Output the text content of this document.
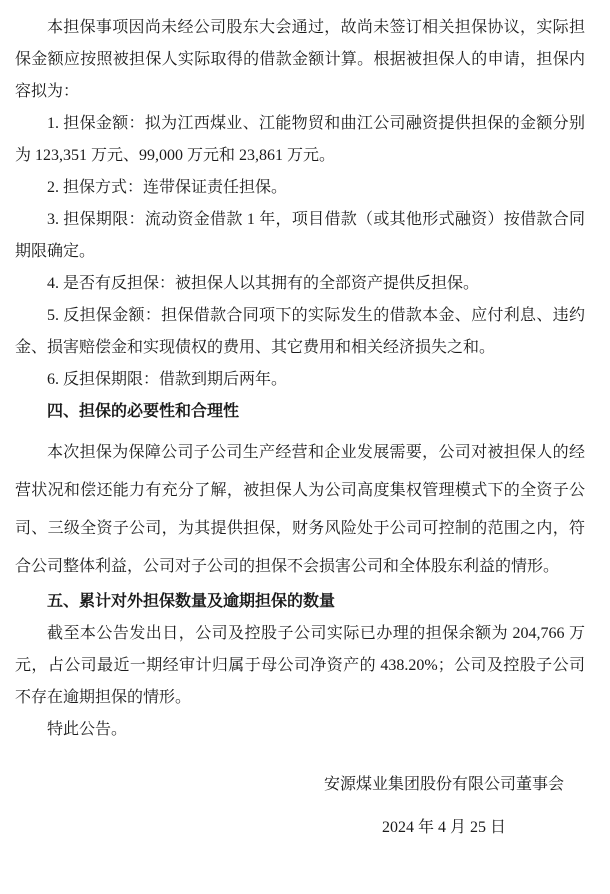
本担保事项因尚未经公司股东大会通过，故尚未签订相关担保协议，实际担保金额应按照被担保人实际取得的借款金额计算。根据被担保人的申请，担保内容拟为：

1. 担保金额：拟为江西煤业、江能物贸和曲江公司融资提供担保的金额分别为 123,351 万元、99,000 万元和 23,861 万元。

2. 担保方式：连带保证责任担保。

3. 担保期限：流动资金借款 1 年，项目借款（或其他形式融资）按借款合同期限确定。

4. 是否有反担保：被担保人以其拥有的全部资产提供反担保。

5. 反担保金额：担保借款合同项下的实际发生的借款本金、应付利息、违约金、损害赔偿金和实现债权的费用、其它费用和相关经济损失之和。

6. 反担保期限：借款到期后两年。

四、担保的必要性和合理性

本次担保为保障公司子公司生产经营和企业发展需要，公司对被担保人的经营状况和偿还能力有充分了解，被担保人为公司高度集权管理模式下的全资子公司、三级全资子公司，为其提供担保，财务风险处于公司可控制的范围之内，符合公司整体利益，公司对子公司的担保不会损害公司和全体股东利益的情形。

五、累计对外担保数量及逾期担保的数量

截至本公告发出日，公司及控股子公司实际已办理的担保余额为 204,766 万元，占公司最近一期经审计归属于母公司净资产的 438.20%；公司及控股子公司不存在逾期担保的情形。

特此公告。

安源煤业集团股份有限公司董事会
2024 年 4 月 25 日
